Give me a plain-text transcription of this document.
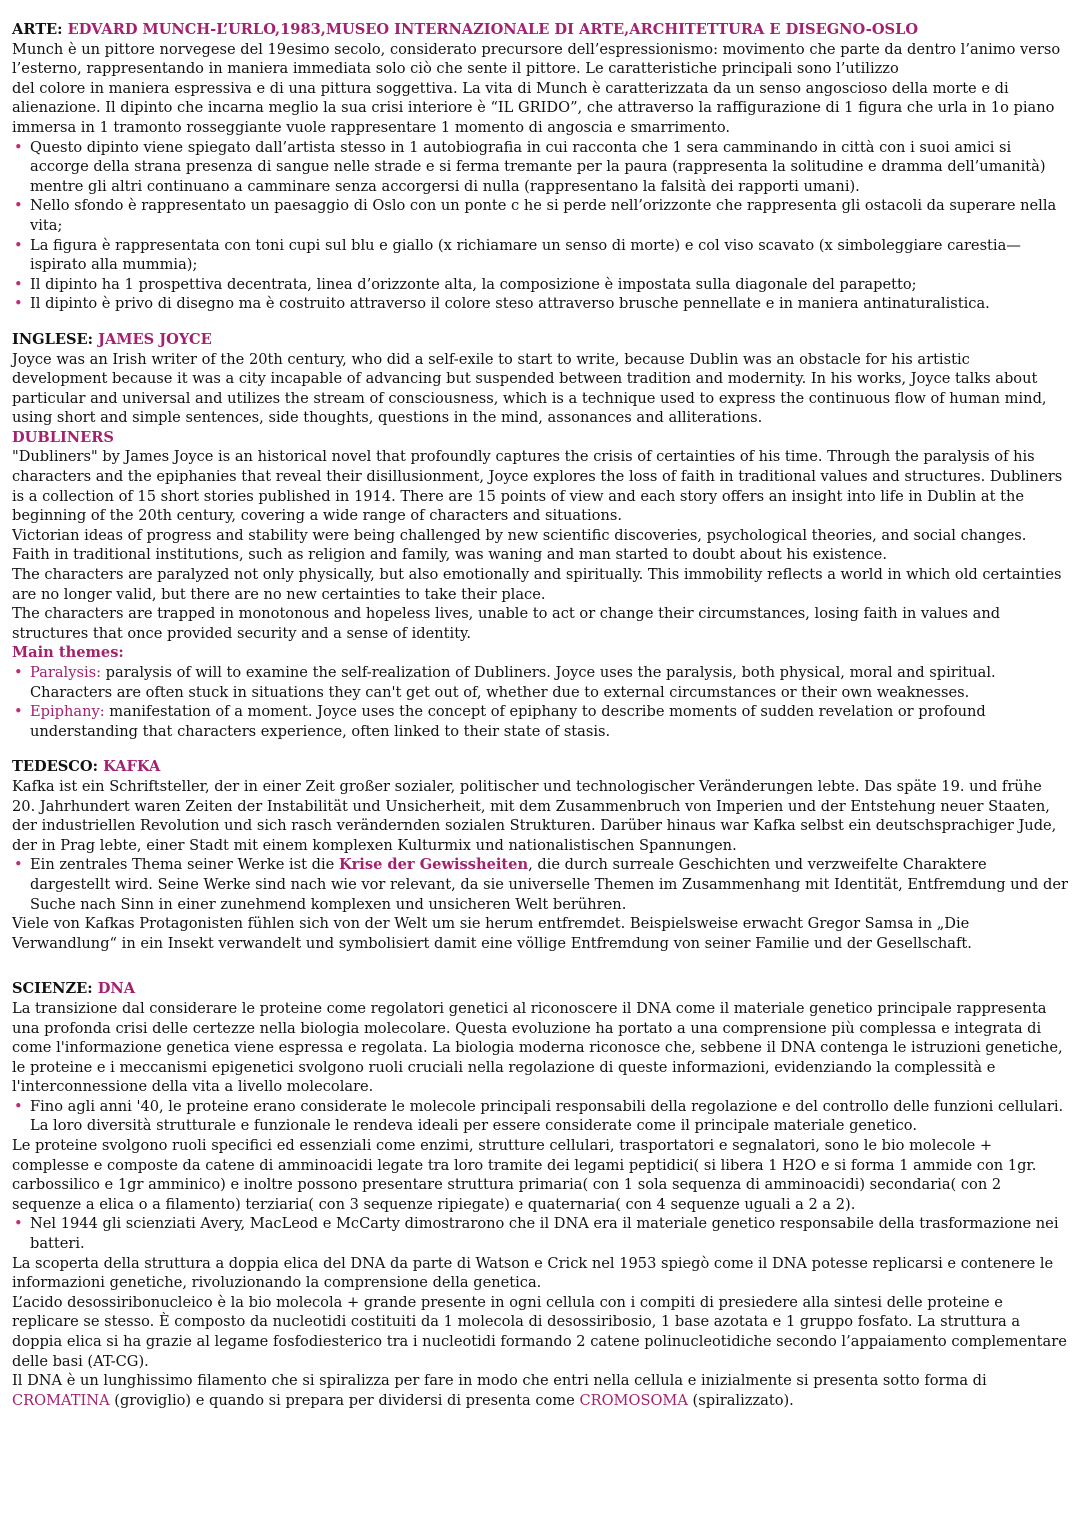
ARTE: EDVARD MUNCH-L’URLO,1983,MUSEO INTERNAZIONALE DI ARTE,ARCHITETTURA E DISEGNO-OSLO

Munch è un pittore norvegese del 19esimo secolo, considerato precursore dell’espressionismo: movimento che parte da dentro l’animo verso l’esterno, rappresentando in maniera immediata solo ciò che sente il pittore. Le caratteristiche principali sono l’utilizzo

del colore in maniera espressiva e di una pittura soggettiva. La vita di Munch è caratterizzata da un senso angoscioso della morte e di alienazione. Il dipinto che incarna meglio la sua crisi interiore è “IL GRIDO”, che attraverso la raffigurazione di 1 figura che urla in 1o piano immersa in 1 tramonto rosseggiante vuole rappresentare 1 momento di angoscia e smarrimento.

• Questo dipinto viene spiegato dall’artista stesso in 1 autobiografia in cui racconta che 1 sera camminando in città con i suoi amici si accorge della strana presenza di sangue nelle strade e si ferma tremante per la paura (rappresenta la solitudine e dramma dell’umanità) mentre gli altri continuano a camminare senza accorgersi di nulla (rappresentano la falsità dei rapporti umani).
• Nello sfondo è rappresentato un paesaggio di Oslo con un ponte c he si perde nell’orizzonte che rappresenta gli ostacoli da superare nella vita;
• La figura è rappresentata con toni cupi sul blu e giallo (x richiamare un senso di morte) e col viso scavato (x simboleggiare carestia—ispirato alla mummia);
• Il dipinto ha 1 prospettiva decentrata, linea d’orizzonte alta, la composizione è impostata sulla diagonale del parapetto;
• Il dipinto è privo di disegno ma è costruito attraverso il colore steso attraverso brusche pennellate e in maniera antinaturalistica.

INGLESE: JAMES JOYCE

Joyce was an Irish writer of the 20th century, who did a self-exile to start to write, because Dublin was an obstacle for his artistic development because it was a city incapable of advancing but suspended between tradition and modernity. In his works, Joyce talks about particular and universal and utilizes the stream of consciousness, which is a technique used to express the continuous flow of human mind, using short and simple sentences, side thoughts, questions in the mind, assonances and alliterations.

DUBLINERS

"Dubliners" by James Joyce is an historical novel that profoundly captures the crisis of certainties of his time. Through the paralysis of his characters and the epiphanies that reveal their disillusionment, Joyce explores the loss of faith in traditional values and structures. Dubliners is a collection of 15 short stories published in 1914. There are 15 points of view and each story offers an insight into life in Dublin at the beginning of the 20th century, covering a wide range of characters and situations.

Victorian ideas of progress and stability were being challenged by new scientific discoveries, psychological theories, and social changes. Faith in traditional institutions, such as religion and family, was waning and man started to doubt about his existence.

The characters are paralyzed not only physically, but also emotionally and spiritually. This immobility reflects a world in which old certainties are no longer valid, but there are no new certainties to take their place.

The characters are trapped in monotonous and hopeless lives, unable to act or change their circumstances, losing faith in values and structures that once provided security and a sense of identity.

Main themes:

• Paralysis: paralysis of will to examine the self-realization of Dubliners. Joyce uses the paralysis, both physical, moral and spiritual. Characters are often stuck in situations they can't get out of, whether due to external circumstances or their own weaknesses.
• Epiphany: manifestation of a moment. Joyce uses the concept of epiphany to describe moments of sudden revelation or profound understanding that characters experience, often linked to their state of stasis.

TEDESCO: KAFKA

Kafka ist ein Schriftsteller, der in einer Zeit großer sozialer, politischer und technologischer Veränderungen lebte. Das späte 19. und frühe 20. Jahrhundert waren Zeiten der Instabilität und Unsicherheit, mit dem Zusammenbruch von Imperien und der Entstehung neuer Staaten, der industriellen Revolution und sich rasch verändernden sozialen Strukturen. Darüber hinaus war Kafka selbst ein deutschsprachiger Jude, der in Prag lebte, einer Stadt mit einem komplexen Kulturmix und nationalistischen Spannungen.

• Ein zentrales Thema seiner Werke ist die Krise der Gewissheiten, die durch surreale Geschichten und verzweifelte Charaktere dargestellt wird. Seine Werke sind nach wie vor relevant, da sie universelle Themen im Zusammenhang mit Identität, Entfremdung und der Suche nach Sinn in einer zunehmend komplexen und unsicheren Welt berühren.

Viele von Kafkas Protagonisten fühlen sich von der Welt um sie herum entfremdet. Beispielsweise erwacht Gregor Samsa in „Die Verwandlung“ in ein Insekt verwandelt und symbolisiert damit eine völlige Entfremdung von seiner Familie und der Gesellschaft.

SCIENZE: DNA

La transizione dal considerare le proteine come regolatori genetici al riconoscere il DNA come il materiale genetico principale rappresenta una profonda crisi delle certezze nella biologia molecolare. Questa evoluzione ha portato a una comprensione più complessa e integrata di come l'informazione genetica viene espressa e regolata. La biologia moderna riconosce che, sebbene il DNA contenga le istruzioni genetiche, le proteine e i meccanismi epigenetici svolgono ruoli cruciali nella regolazione di queste informazioni, evidenziando la complessità e l'interconnessione della vita a livello molecolare.

• Fino agli anni '40, le proteine erano considerate le molecole principali responsabili della regolazione e del controllo delle funzioni cellulari. La loro diversità strutturale e funzionale le rendeva ideali per essere considerate come il principale materiale genetico.

Le proteine svolgono ruoli specifici ed essenziali come enzimi, strutture cellulari, trasportatori e segnalatori, sono le bio molecole + complesse e composte da catene di amminoacidi legate tra loro tramite dei legami peptidici( si libera 1 H2O e si forma 1 ammide con 1gr. carbossilico e 1gr amminico) e inoltre possono presentare struttura primaria( con 1 sola sequenza di amminoacidi) secondaria( con 2 sequenze a elica o a filamento) terziaria( con 3 sequenze ripiegate) e quaternaria( con 4 sequenze uguali a 2 a 2).

• Nel 1944 gli scienziati Avery, MacLeod e McCarty dimostrarono che il DNA era il materiale genetico responsabile della trasformazione nei batteri.

La scoperta della struttura a doppia elica del DNA da parte di Watson e Crick nel 1953 spiegò come il DNA potesse replicarsi e contenere le informazioni genetiche, rivoluzionando la comprensione della genetica.

L’acido desossiribonucleico è la bio molecola + grande presente in ogni cellula con i compiti di presiedere alla sintesi delle proteine e replicare se stesso. È composto da nucleotidi costituiti da 1 molecola di desossiribosio, 1 base azotata e 1 gruppo fosfato. La struttura a doppia elica si ha grazie al legame fosfodiesterico tra i nucleotidi formando 2 catene polinucleotidiche secondo l’appaiamento complementare delle basi (AT-CG).

Il DNA è un lunghissimo filamento che si spiralizza per fare in modo che entri nella cellula e inizialmente si presenta sotto forma di CROMATINA (groviglio) e quando si prepara per dividersi di presenta come CROMOSOMA (spiralizzato).
